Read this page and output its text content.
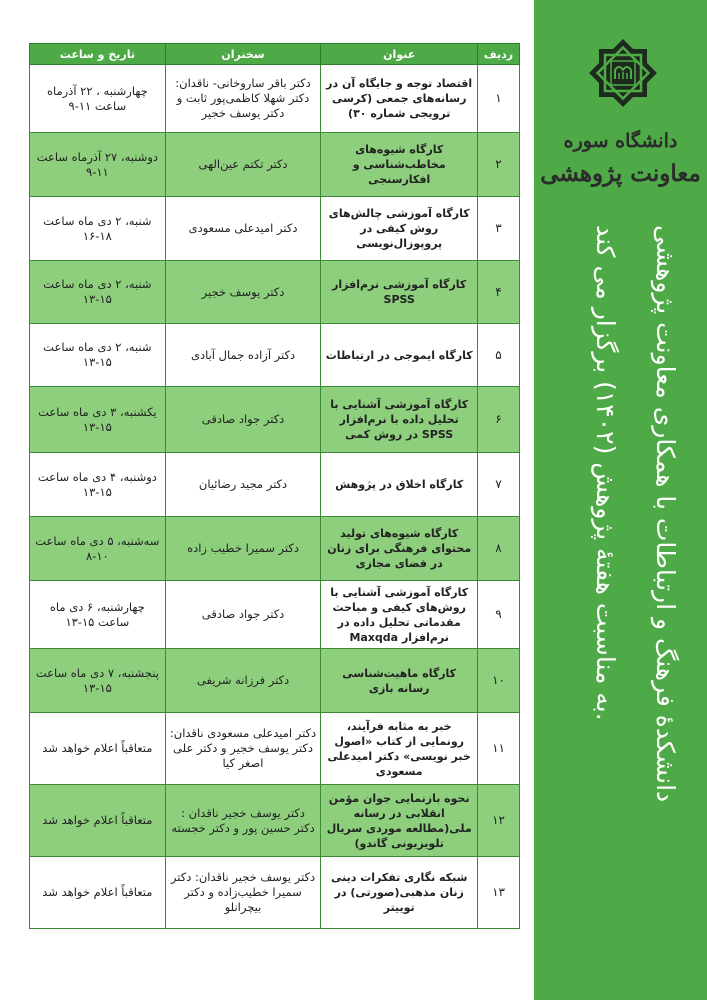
ردیف	عنوان	سخنران	تاریخ و ساعت
۱	اقتصاد توجه و جایگاه آن در رسانه‌های جمعی (کرسی ترویجی شماره ۳۰)	دکتر باقر ساروخانی- ناقدان: دکتر شهلا کاظمی‌پور ثابت و دکتر یوسف خجیر	چهارشنبه ، ۲۲ آذرماه ساعت ۱۱-۹
۲	کارگاه شیوه‌های مخاطب‌شناسی و افکارسنجی	دکتر تکتم عین‌الهی	دوشنبه، ۲۷ آذرماه ساعت ۱۱-۹
۳	کارگاه آموزشی چالش‌های روش کیفی در پروپوزال‌نویسی	دکتر امیدعلی مسعودی	شنبه، ۲ دی ماه ساعت ۱۸-۱۶
۴	کارگاه آموزشی نرم‌افزار SPSS	دکتر یوسف خجیر	شنبه، ۲ دی ماه ساعت ۱۵-۱۳
۵	کارگاه ایموجی در ارتباطات	دکتر آزاده جمال آبادی	شنبه، ۲ دی ماه ساعت ۱۵-۱۳
۶	کارگاه آموزشی آشنایی با تحلیل داده با نرم‌افزار SPSS در روش کمی	دکتر جواد صادقی	یکشنبه، ۳ دی ماه ساعت ۱۵-۱۳
۷	کارگاه اخلاق در پژوهش	دکتر مجید رضائیان	دوشنبه، ۴ دی ماه ساعت ۱۵-۱۳
۸	کارگاه شیوه‌های تولید محتوای فرهنگی برای زنان در فضای مجازی	دکتر سمیرا خطیب زاده	سه‌شنبه، ۵ دی ماه ساعت ۱۰-۸
۹	کارگاه آموزشی آشنایی با روش‌های کیفی و مباحث مقدماتی تحلیل داده در نرم‌افزار Maxqda	دکتر جواد صادقی	چهارشنبه، ۶ دی ماه ساعت ۱۵-۱۳
۱۰	کارگاه ماهیت‌شناسی رسانه بازی	دکتر فرزانه شریفی	پنجشنبه، ۷ دی ماه ساعت ۱۵-۱۳
۱۱	خبر به مثابه فرآیند، رونمایی از کتاب «اصول خبر نویسی» دکتر امیدعلی مسعودی	دکتر امیدعلی مسعودی ناقدان: دکتر یوسف خجیر و دکتر علی اصغر کیا	متعاقباً اعلام خواهد شد
۱۲	نحوه بازنمایی جوان مؤمن انقلابی در رسانه ملی(مطالعه موردی سریال تلویزیونی گاندو)	دکتر یوسف خجیر ناقدان : دکتر حسین پور و دکتر خجسته	متعاقباً اعلام خواهد شد
۱۳	شبکه نگاری تفکرات دینی زنان مذهبی(صورتی) در توییتر	دکتر یوسف خجیر ناقدان: دکتر سمیرا خطیب‌زاده و دکتر بیچرانلو	متعاقباً اعلام خواهد شد
دانشگاه سوره
معاونت پژوهشی
دانشکدۀ فرهنگ و ارتباطات با همکاری معاونت پژوهشی
به مناسبت هفتۀ پژوهش (۱۴۰۲) برگزار می کند.
